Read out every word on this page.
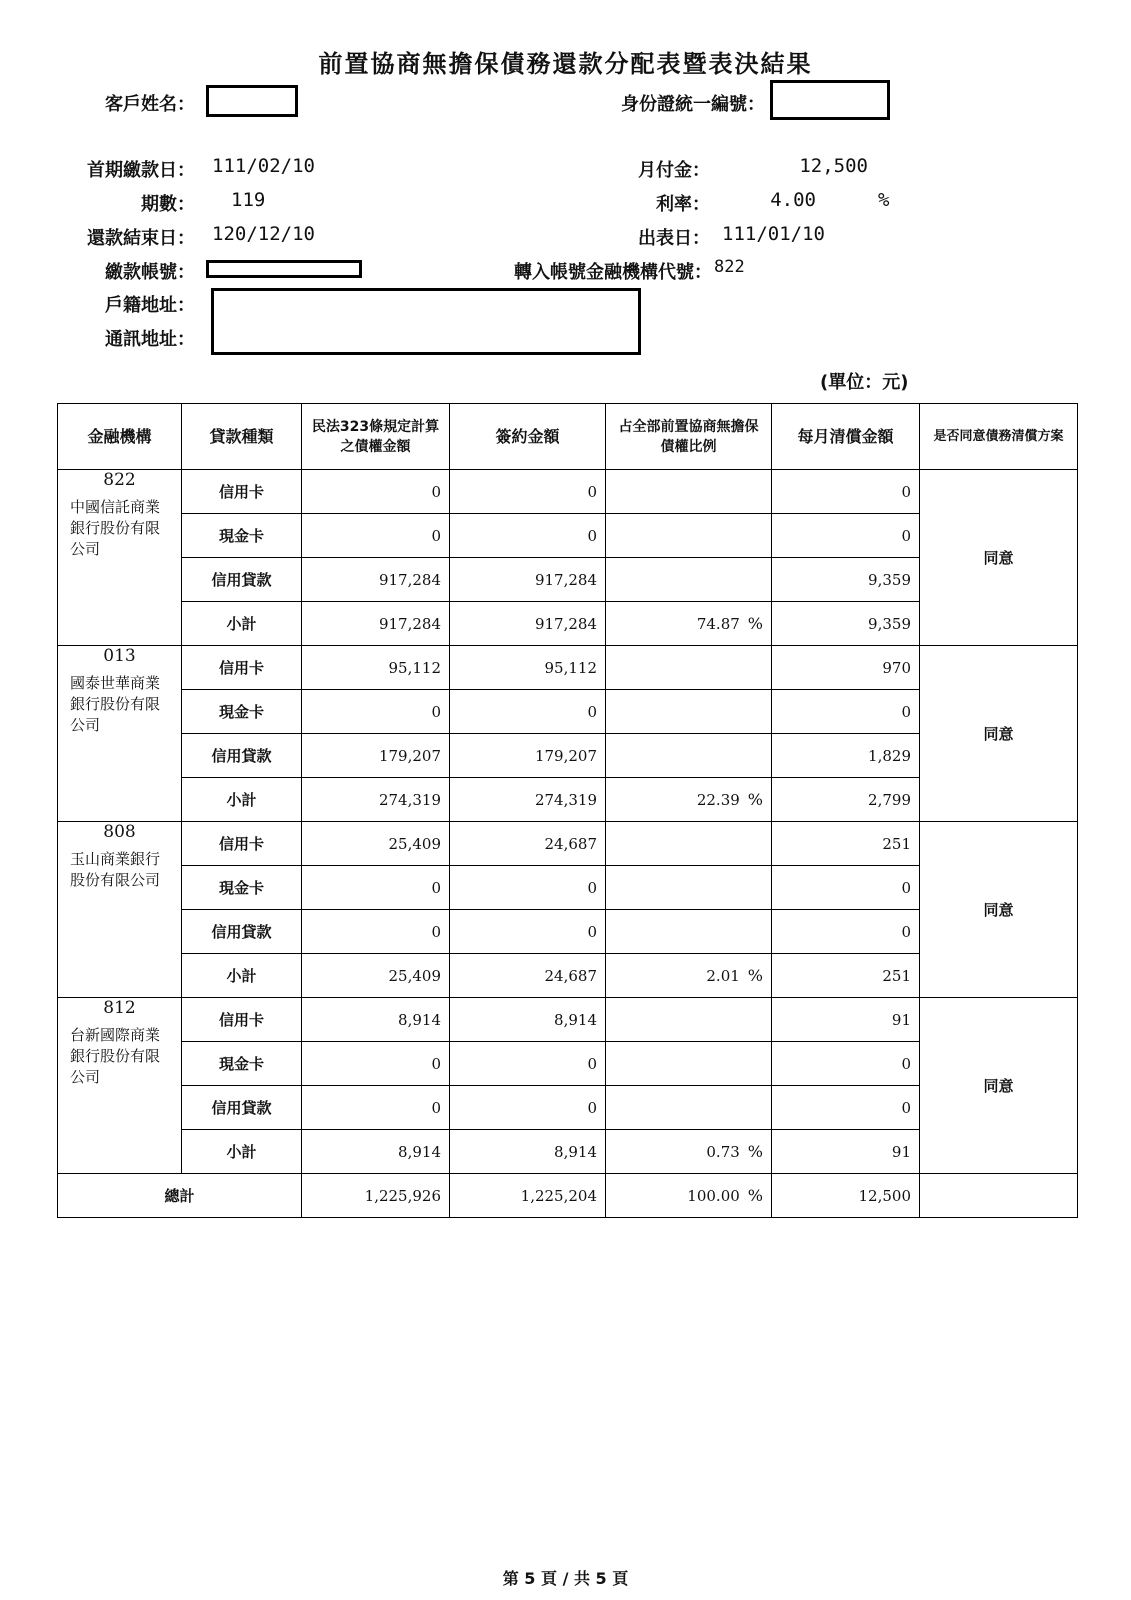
前置協商無擔保債務還款分配表暨表決結果
客戶姓名：
首期繳款日： 111/02/10
期數： 119
還款結束日： 120/12/10
繳款帳號：
戶籍地址：
通訊地址：
身份證統一編號：
月付金：	12,500
利率：	4.00	%
出表日： 111/01/10
轉入帳號金融機構代號： 822
(單位：元)
金融機構	貸款種類	民法323條規定計算之債權金額	簽約金額	占全部前置協商無擔保債權比例	每月清償金額	是否同意債務清償方案

822
中國信託商業銀行股份有限公司	信用卡	0	0		0	同意
	現金卡	0	0		0	
	信用貸款	917,284	917,284		9,359	
	小計	917,284	917,284	74.87 %	9,359	

013
國泰世華商業銀行股份有限公司	信用卡	95,112	95,112		970	同意
	現金卡	0	0		0	
	信用貸款	179,207	179,207		1,829	
	小計	274,319	274,319	22.39 %	2,799	

808
玉山商業銀行股份有限公司	信用卡	25,409	24,687		251	同意
	現金卡	0	0		0	
	信用貸款	0	0		0	
	小計	25,409	24,687	2.01 %	251	

812
台新國際商業銀行股份有限公司	信用卡	8,914	8,914		91	同意
	現金卡	0	0		0	
	信用貸款	0	0		0	
	小計	8,914	8,914	0.73 %	91	
總計		1,225,926	1,225,204	100.00 %	12,500	
第 5 頁 / 共 5 頁
